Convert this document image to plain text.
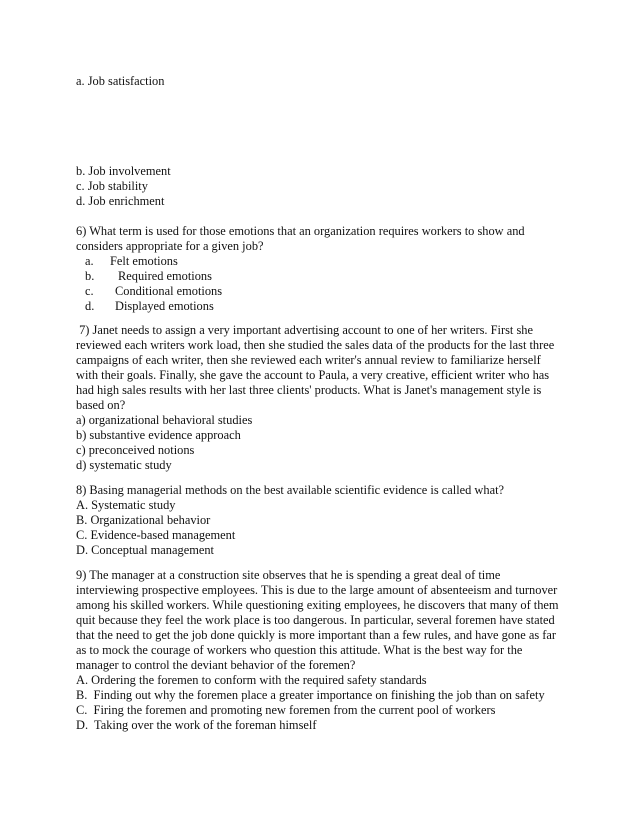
a. Job satisfaction
b. Job involvement
c. Job stability
d. Job enrichment
6) What term is used for those emotions that an organization requires workers to show and
considers appropriate for a given job?
a. Felt emotions
b. Required emotions
c. Conditional emotions
d. Displayed emotions
7) Janet needs to assign a very important advertising account to one of her writers. First she
reviewed each writers work load, then she studied the sales data of the products for the last three
campaigns of each writer, then she reviewed each writer's annual review to familiarize herself
with their goals. Finally, she gave the account to Paula, a very creative, efficient writer who has
had high sales results with her last three clients' products. What is Janet's management style is
based on?
a) organizational behavioral studies
b) substantive evidence approach
c) preconceived notions
d) systematic study
8) Basing managerial methods on the best available scientific evidence is called what?
A. Systematic study
B. Organizational behavior
C. Evidence-based management
D. Conceptual management
9) The manager at a construction site observes that he is spending a great deal of time
interviewing prospective employees. This is due to the large amount of absenteeism and turnover
among his skilled workers. While questioning exiting employees, he discovers that many of them
quit because they feel the work place is too dangerous. In particular, several foremen have stated
that the need to get the job done quickly is more important than a few rules, and have gone as far
as to mock the courage of workers who question this attitude. What is the best way for the
manager to control the deviant behavior of the foremen?
A. Ordering the foremen to conform with the required safety standards
B.  Finding out why the foremen place a greater importance on finishing the job than on safety
C.  Firing the foremen and promoting new foremen from the current pool of workers
D.  Taking over the work of the foreman himself
